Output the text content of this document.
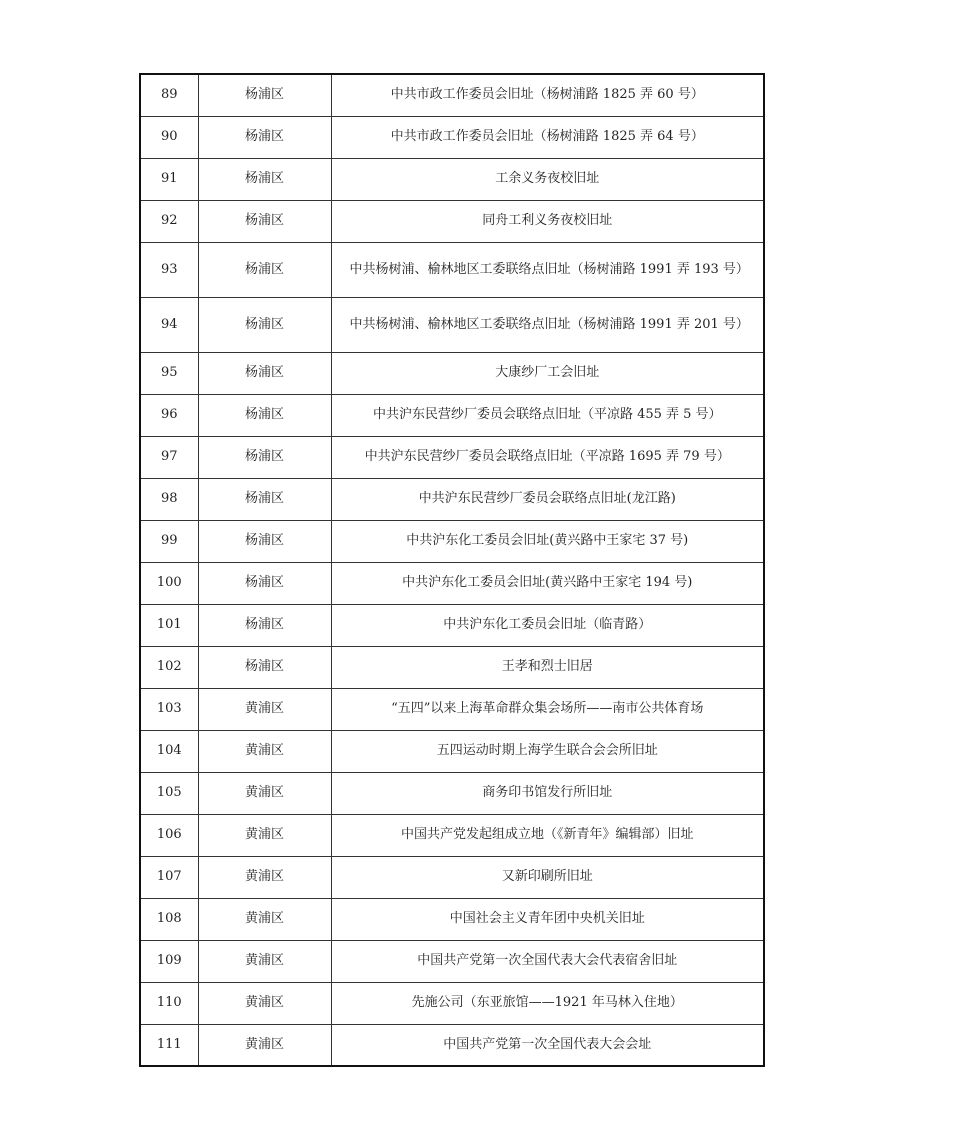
89	杨浦区	中共市政工作委员会旧址（杨树浦路 1825 弄 60 号）
90	杨浦区	中共市政工作委员会旧址（杨树浦路 1825 弄 64 号）
91	杨浦区	工余义务夜校旧址
92	杨浦区	同舟工利义务夜校旧址
93	杨浦区	中共杨树浦、榆林地区工委联络点旧址（杨树浦路 1991 弄 193 号）
94	杨浦区	中共杨树浦、榆林地区工委联络点旧址（杨树浦路 1991 弄 201 号）
95	杨浦区	大康纱厂工会旧址
96	杨浦区	中共沪东民营纱厂委员会联络点旧址（平凉路 455 弄 5 号）
97	杨浦区	中共沪东民营纱厂委员会联络点旧址（平凉路 1695 弄 79 号）
98	杨浦区	中共沪东民营纱厂委员会联络点旧址(龙江路)
99	杨浦区	中共沪东化工委员会旧址(黄兴路中王家宅 37 号)
100	杨浦区	中共沪东化工委员会旧址(黄兴路中王家宅 194 号)
101	杨浦区	中共沪东化工委员会旧址（临青路）
102	杨浦区	王孝和烈士旧居
103	黄浦区	“五四”以来上海革命群众集会场所——南市公共体育场
104	黄浦区	五四运动时期上海学生联合会会所旧址
105	黄浦区	商务印书馆发行所旧址
106	黄浦区	中国共产党发起组成立地（《新青年》编辑部）旧址
107	黄浦区	又新印刷所旧址
108	黄浦区	中国社会主义青年团中央机关旧址
109	黄浦区	中国共产党第一次全国代表大会代表宿舍旧址
110	黄浦区	先施公司（东亚旅馆——1921 年马林入住地）
111	黄浦区	中国共产党第一次全国代表大会会址
